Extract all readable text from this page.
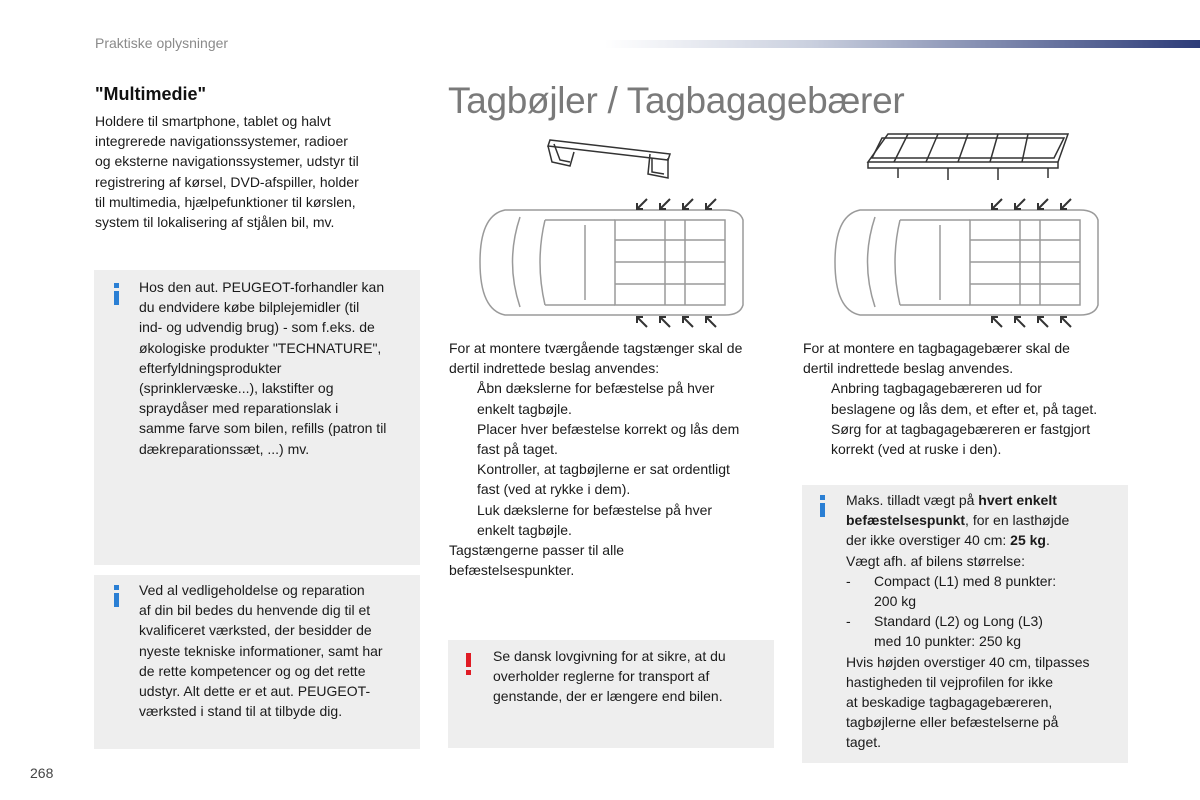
Praktiske oplysninger
"Multimedie"
Holdere til smartphone, tablet og halvt
integrerede navigationssystemer, radioer
og eksterne navigationssystemer, udstyr til
registrering af kørsel, DVD-afspiller, holder
til multimedia, hjælpefunktioner til kørslen,
system til lokalisering af stjålen bil, mv.
Hos den aut. PEUGEOT-forhandler kan
du endvidere købe bilplejemidler (til
ind- og udvendig brug) - som f.eks. de
økologiske produkter "TECHNATURE",
efterfyldningsprodukter
(sprinklervæske...), lakstifter og
spraydåser med reparationslak i
samme farve som bilen, refills (patron til
dækreparationssæt, ...) mv.
Ved al vedligeholdelse og reparation
af din bil bedes du henvende dig til et
kvalificeret værksted, der besidder de
nyeste tekniske informationer, samt har
de rette kompetencer og og det rette
udstyr. Alt dette er et aut. PEUGEOT-
værksted i stand til at tilbyde dig.
268
Tagbøjler / Tagbagagebærer
For at montere tværgående tagstænger skal de
dertil indrettede beslag anvendes:
Åbn dækslerne for befæstelse på hver
enkelt tagbøjle.
Placer hver befæstelse korrekt og lås dem
fast på taget.
Kontroller, at tagbøjlerne er sat ordentligt
fast (ved at rykke i dem).
Luk dækslerne for befæstelse på hver
enkelt tagbøjle.
Tagstængerne passer til alle
befæstelsespunkter.
Se dansk lovgivning for at sikre, at du
overholder reglerne for transport af
genstande, der er længere end bilen.
For at montere en tagbagagebærer skal de
dertil indrettede beslag anvendes.
Anbring tagbagagebæreren ud for
beslagene og lås dem, et efter et, på taget.
Sørg for at tagbagagebæreren er fastgjort
korrekt (ved at ruske i den).
Maks. tilladt vægt på hvert enkelt
befæstelsespunkt, for en lasthøjde
der ikke overstiger 40 cm: 25 kg.
Vægt afh. af bilens størrelse:
- Compact (L1) med 8 punkter:
200 kg
- Standard (L2) og Long (L3)
med 10 punkter: 250 kg
Hvis højden overstiger 40 cm, tilpasses
hastigheden til vejprofilen for ikke
at beskadige tagbagagebæreren,
tagbøjlerne eller befæstelserne på
taget.
